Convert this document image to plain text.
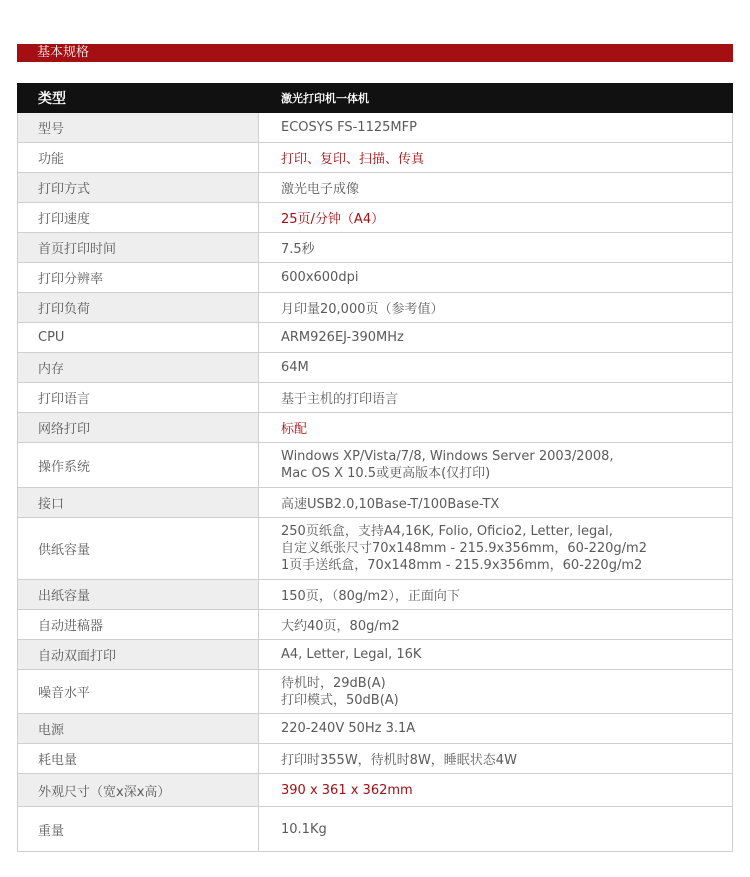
基本规格
类型	激光打印机一体机
型号	ECOSYS FS-1125MFP

功能	打印、复印、扫描、传真

打印方式	激光电子成像

打印速度	25页/分钟（A4）

首页打印时间	7.5秒

打印分辨率	600x600dpi

打印负荷	月印量20,000页（参考值）

CPU	ARM926EJ-390MHz

内存	64M

打印语言	基于主机的打印语言

网络打印	标配

操作系统	Windows XP/Vista/7/8, Windows Server 2003/2008,
Mac OS X 10.5或更高版本(仅打印)

接口	高速USB2.0,10Base-T/100Base-TX

供纸容量	250页纸盒，支持A4,16K, Folio, Oficio2, Letter, legal,
自定义纸张尺寸70x148mm - 215.9x356mm，60-220g/m2
1页手送纸盒，70x148mm - 215.9x356mm，60-220g/m2

出纸容量	150页，（80g/m2），正面向下

自动进稿器	大约40页，80g/m2

自动双面打印	A4, Letter, Legal, 16K

噪音水平	待机时，29dB(A)
打印模式，50dB(A)

电源	220-240V 50Hz 3.1A

耗电量	打印时355W，待机时8W，睡眠状态4W

外观尺寸（宽x深x高）	390 x 361 x 362mm

重量	10.1Kg
